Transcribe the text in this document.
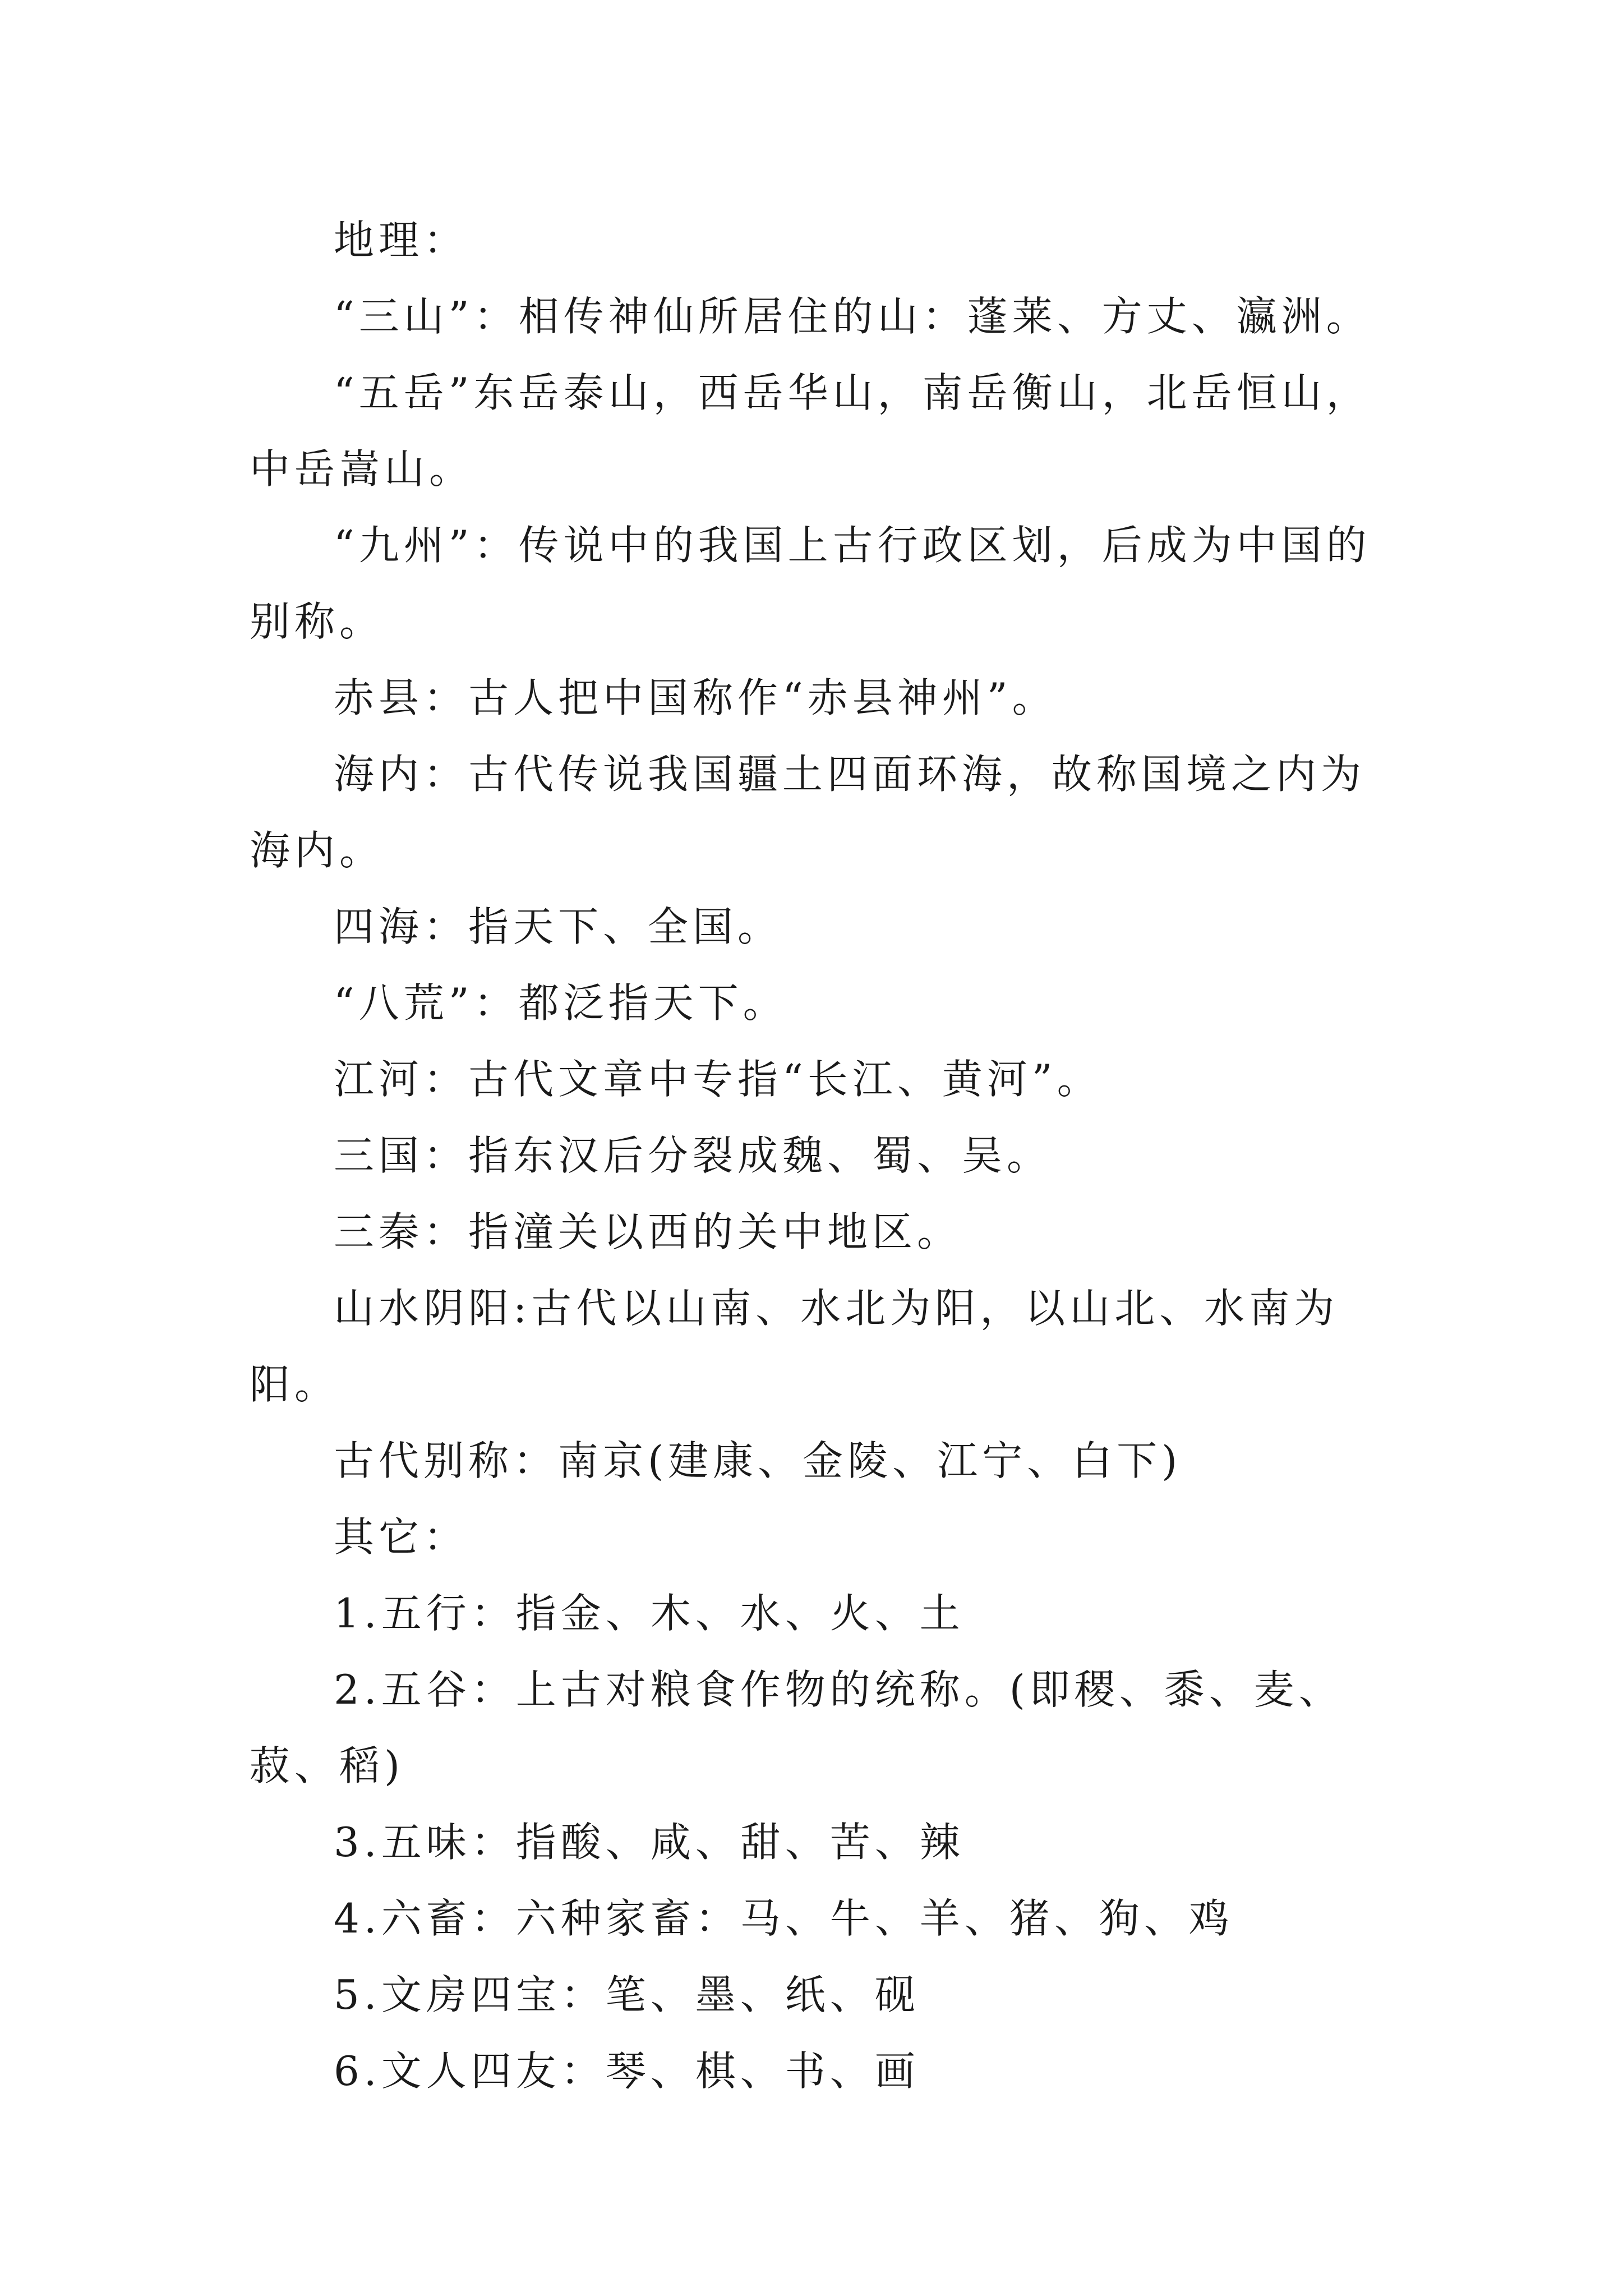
地理：

“三山”：相传神仙所居住的山：蓬莱、方丈、瀛洲。

“五岳”东岳泰山，西岳华山，南岳衡山，北岳恒山，中岳嵩山。

“九州”：传说中的我国上古行政区划，后成为中国的别称。

赤县：古人把中国称作“赤县神州”。

海内：古代传说我国疆土四面环海，故称国境之内为海内。

四海：指天下、全国。

“八荒”：都泛指天下。

江河：古代文章中专指“长江、黄河”。

三国：指东汉后分裂成魏、蜀、吴。

三秦：指潼关以西的关中地区。

山水阴阳:古代以山南、水北为阳，以山北、水南为阳。

古代别称：南京(建康、金陵、江宁、白下)

其它：

1.五行：指金、木、水、火、土

2.五谷：上古对粮食作物的统称。(即稷、黍、麦、菽、稻)

3.五味：指酸、咸、甜、苦、辣

4.六畜：六种家畜：马、牛、羊、猪、狗、鸡

5.文房四宝：笔、墨、纸、砚

6.文人四友：琴、棋、书、画
